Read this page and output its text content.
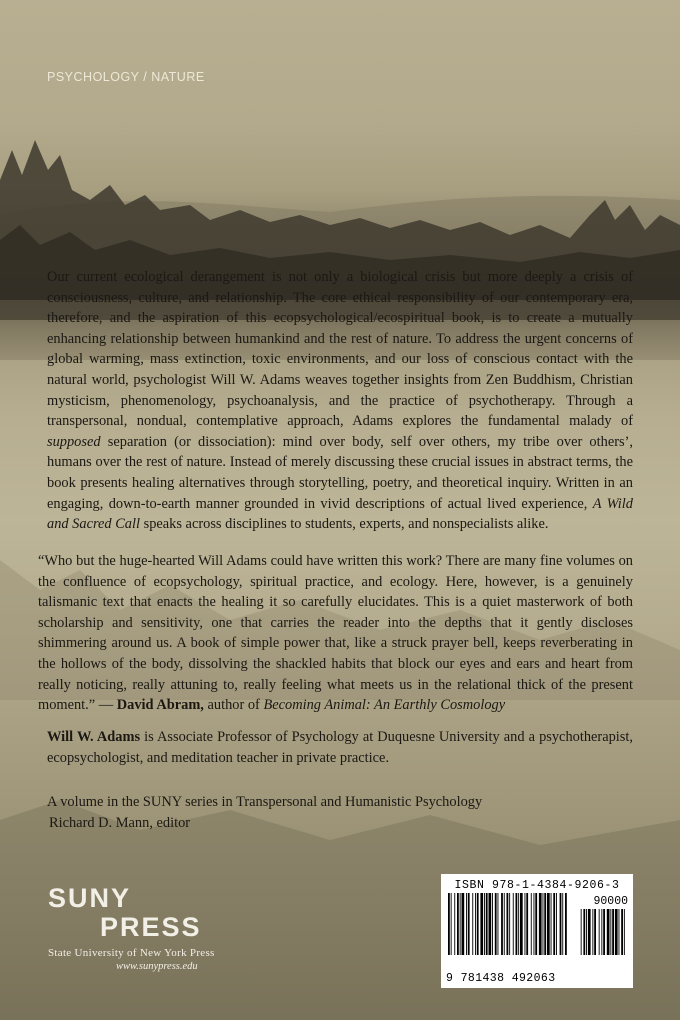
PSYCHOLOGY / NATURE

Our current ecological derangement is not only a biological crisis but more deeply a crisis of consciousness, culture, and relationship. The core ethical responsibility of our contemporary era, therefore, and the aspiration of this ecopsychological/ecospiritual book, is to create a mutually enhancing relationship between humankind and the rest of nature. To address the urgent concerns of global warming, mass extinction, toxic environments, and our loss of conscious contact with the natural world, psychologist Will W. Adams weaves together insights from Zen Buddhism, Christian mysticism, phenomenology, psychoanalysis, and the practice of psychotherapy. Through a transpersonal, nondual, contemplative approach, Adams explores the fundamental malady of supposed separation (or dissociation): mind over body, self over others, my tribe over others’, humans over the rest of nature. Instead of merely discussing these crucial issues in abstract terms, the book presents healing alternatives through storytelling, poetry, and theoretical inquiry. Written in an engaging, down-to-earth manner grounded in vivid descriptions of actual lived experience, A Wild and Sacred Call speaks across disciplines to students, experts, and nonspecialists alike.

“Who but the huge-hearted Will Adams could have written this work? There are many fine volumes on the confluence of ecopsychology, spiritual practice, and ecology. Here, however, is a genuinely talismanic text that enacts the healing it so carefully elucidates. This is a quiet masterwork of both scholarship and sensitivity, one that carries the reader into the depths that it gently discloses shimmering around us. A book of simple power that, like a struck prayer bell, keeps reverberating in the hollows of the body, dissolving the shackled habits that block our eyes and ears and heart from really noticing, really attuning to, really feeling what meets us in the relational thick of the present moment.” — David Abram, author of Becoming Animal: An Earthly Cosmology

Will W. Adams is Associate Professor of Psychology at Duquesne University and a psychotherapist, ecopsychologist, and meditation teacher in private practice.

A volume in the SUNY series in Transpersonal and Humanistic Psychology
Richard D. Mann, editor
SUNY
PRESS
State University of New York Press
www.sunypress.edu
ISBN 978-1-4384-9206-3
90000
9 781438 492063
